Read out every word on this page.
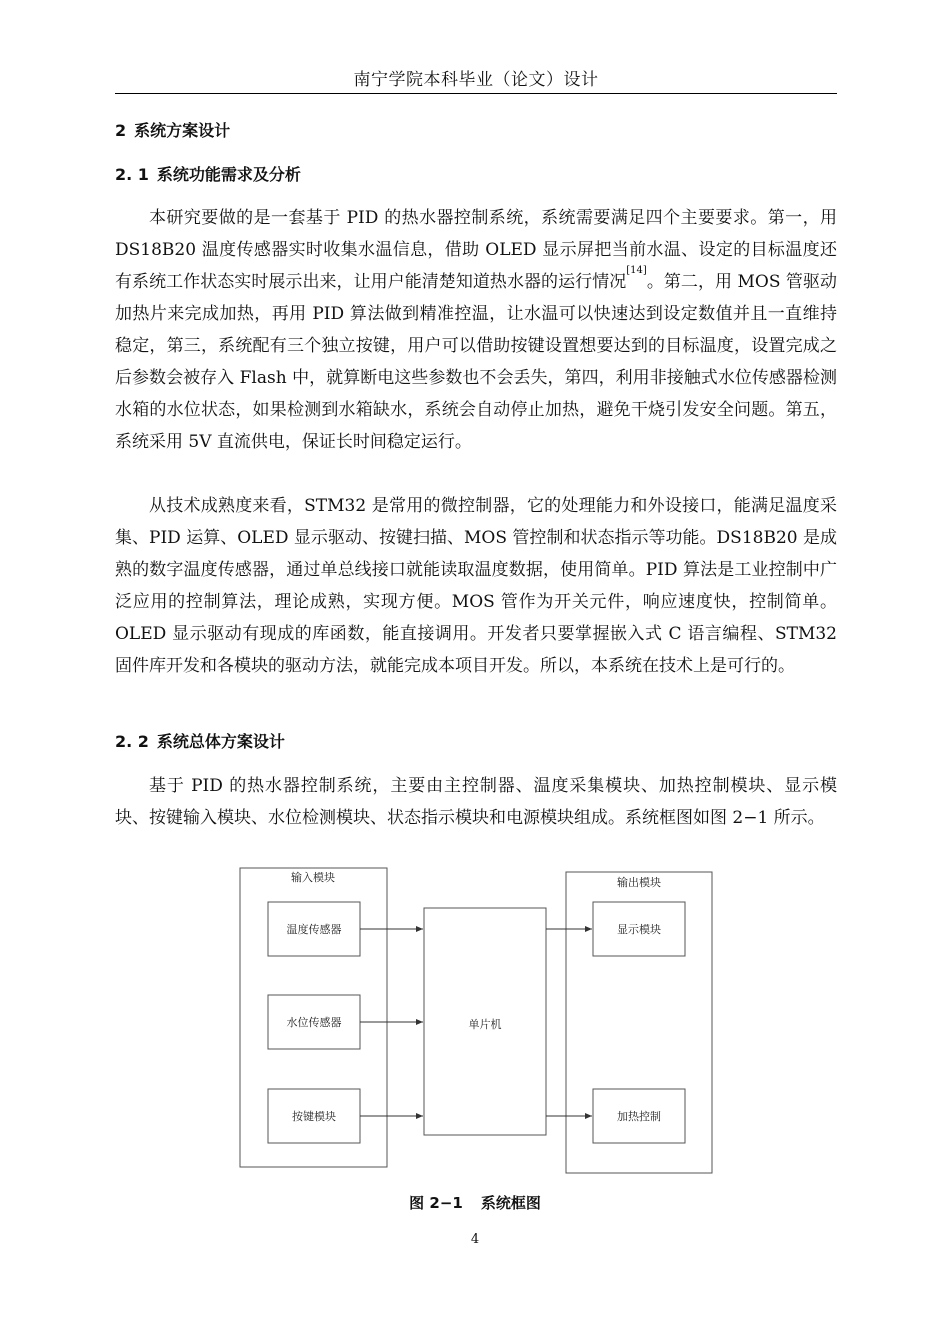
南宁学院本科毕业（论文）设计
2 系统方案设计
2. 1 系统功能需求及分析

本研究要做的是一套基于 PID 的热水器控制系统，系统需要满足四个主要要求。第一，用 DS18B20 温度传感器实时收集水温信息，借助 OLED 显示屏把当前水温、设定的目标温度还有系统工作状态实时展示出来，让用户能清楚知道热水器的运行情况[14]。第二，用 MOS 管驱动加热片来完成加热，再用 PID 算法做到精准控温，让水温可以快速达到设定数值并且一直维持稳定，第三，系统配有三个独立按键，用户可以借助按键设置想要达到的目标温度，设置完成之后参数会被存入 Flash 中，就算断电这些参数也不会丢失，第四，利用非接触式水位传感器检测水箱的水位状态，如果检测到水箱缺水，系统会自动停止加热，避免干烧引发安全问题。第五，系统采用 5V 直流供电，保证长时间稳定运行。

从技术成熟度来看，STM32 是常用的微控制器，它的处理能力和外设接口，能满足温度采集、PID 运算、OLED 显示驱动、按键扫描、MOS 管控制和状态指示等功能。DS18B20 是成熟的数字温度传感器，通过单总线接口就能读取温度数据，使用简单。PID 算法是工业控制中广泛应用的控制算法，理论成熟，实现方便。MOS 管作为开关元件，响应速度快，控制简单。OLED 显示驱动有现成的库函数，能直接调用。开发者只要掌握嵌入式 C 语言编程、STM32 固件库开发和各模块的驱动方法，就能完成本项目开发。所以，本系统在技术上是可行的。

2. 2 系统总体方案设计

基于 PID 的热水器控制系统，主要由主控制器、温度采集模块、加热控制模块、显示模块、按键输入模块、水位检测模块、状态指示模块和电源模块组成。系统框图如图 2−1 所示。

输入模块
温度传感器
水位传感器
按键模块
单片机
输出模块
显示模块
加热控制
图 2−1 系统框图
4
